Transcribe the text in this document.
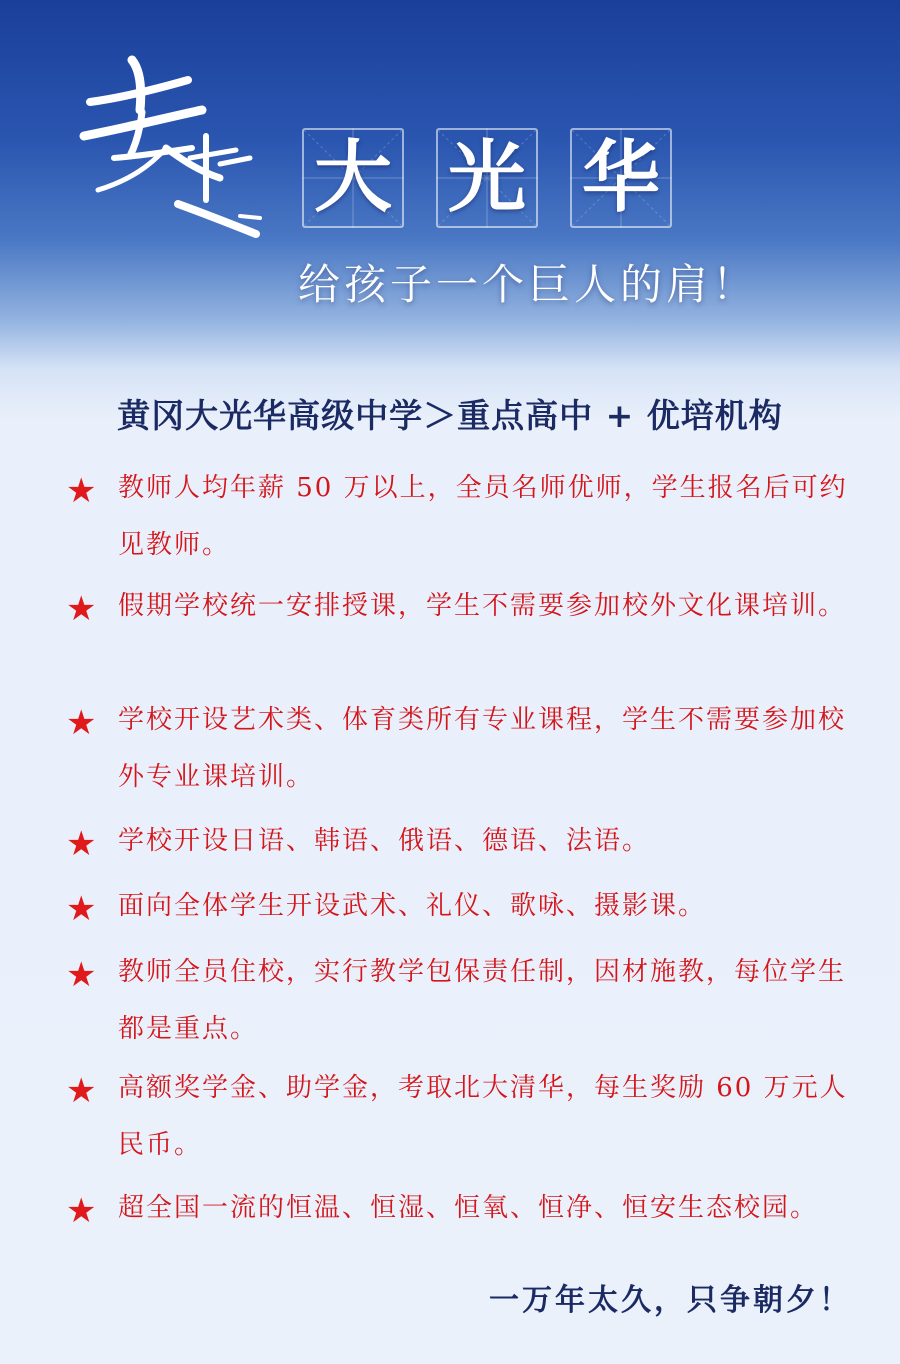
大 光 华
给孩子一个巨人的肩！
黄冈大光华高级中学＞重点高中 + 优培机构
★ 教师人均年薪 50 万以上，全员名师优师，学生报名后可约见教师。
★ 假期学校统一安排授课，学生不需要参加校外文化课培训。
★ 学校开设艺术类、体育类所有专业课程，学生不需要参加校外专业课培训。
★ 学校开设日语、韩语、俄语、德语、法语。
★ 面向全体学生开设武术、礼仪、歌咏、摄影课。
★ 教师全员住校，实行教学包保责任制，因材施教，每位学生都是重点。
★ 高额奖学金、助学金，考取北大清华，每生奖励 60 万元人民币。
★ 超全国一流的恒温、恒湿、恒氧、恒净、恒安生态校园。
一万年太久，只争朝夕！
